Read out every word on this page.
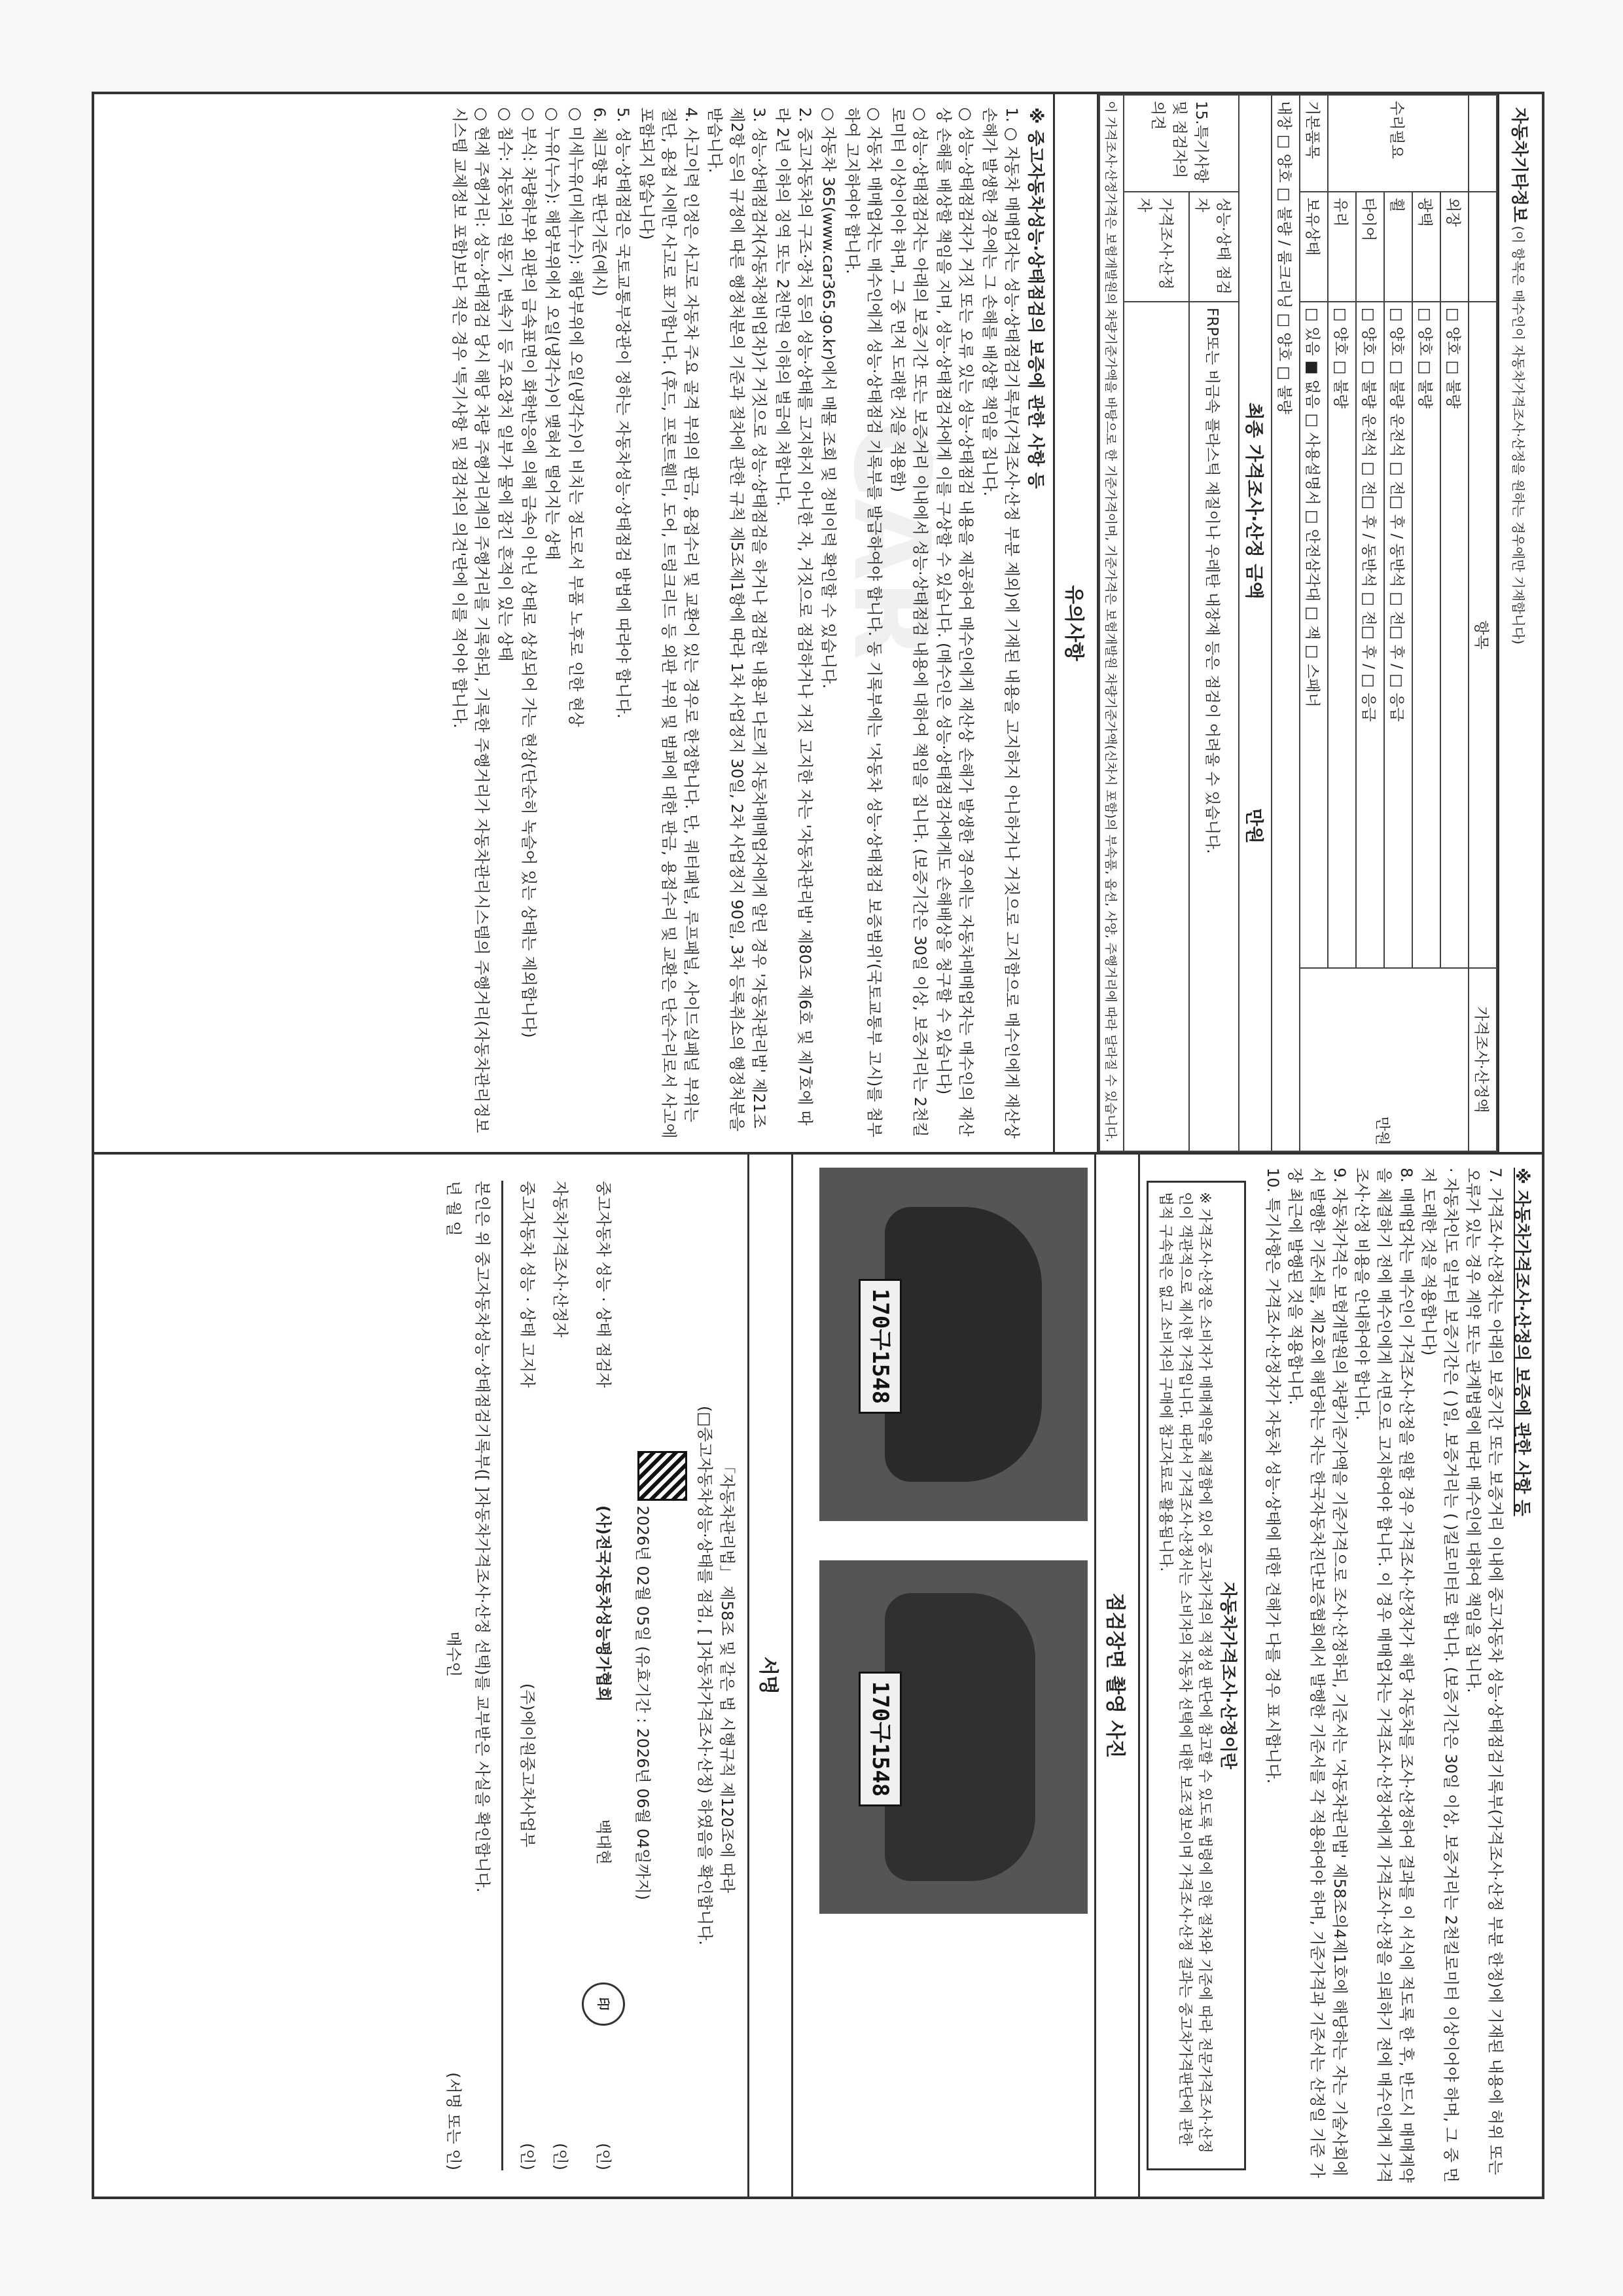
CAR
자동차기타정보 (이 항목은 매수인이 자동차가격조사·산정을 원하는 경우에만 기재합니다)
		항목	가격조사·산정액
수리필요	외장	□ 양호 □ 불량	만원
	광택	□ 양호 □ 불량	
	휠	□ 양호 □ 불량 운전석 □ 전□ 후 / 동반석 □ 전□ 후 / □ 응급	
	타이어	□ 양호 □ 불량 운전석 □ 전□ 후 / 동반석 □ 전□ 후 / □ 응급	
	유리	□ 양호 □ 불량	
기본품목	보유상태	□ 있음 ■ 없음 □ 사용설명서 □ 안전삼각대 □ 잭 □ 스패너	
내장 □ 양호 □ 불량 / 룸크리닝 □ 양호 □ 불량			
최종 가격조사·산정 금액  만원			
15.특기사항 및 점검자의 의견	성능·상태 점검자	FRP또는 비금속 플라스틱 재질이나 우레탄 내장재 등은 점검이 어려울 수 있습니다.	
	가격조사·산정자		
이 가격조사·산정가격은 보험개발원의 차량기준가액을 바탕으로 한 기준가격이며, 기준가격은 보험개발원 차량기준가액(신차시 포함)의 부속품, 옵션, 사양, 주행거리에 따라 달라질 수 있습니다.			
유의사항

※ 중고자동차성능·상태점검의 보증에 관한 사항 등

1. ○ 자동차 매매업자는 성능·상태점검기록부(가격조사·산정 부분 제외)에 기재된 내용을 고지하지 아니하거나 거짓으로 고지함으로 매수인에게 재산상 손해가 발생한 경우에는 그 손해를 배상할 책임을 집니다.

○ 성능·상태점검자가 거짓 또는 오류 있는 성능·상태점검 내용을 제공하여 매수인에게 재산상 손해가 발생한 경우에는 자동차매매업자는 매수인의 재산상 손해를 배상할 책임을 지며, 성능·상태점검자에게 이를 구상할 수 있습니다. (매수인은 성능·상태점검자에게도 손해배상을 청구할 수 있습니다)

○ 성능·상태점검자는 아래의 보증기간 또는 보증거리 이내에서 성능·상태점검 내용에 대하여 책임을 집니다. (보증기간은 30일 이상, 보증거리는 2천킬로미터 이상이어야 하며, 그 중 먼저 도래한 것을 적용함)

○ 자동차 매매업자는 매수인에게 성능·상태점검 기록부를 발급하여야 합니다. 동 기록부에는 '자동차 성능·상태점검 보증범위'(국토교통부 고시)를 첨부하여 고지하여야 합니다.

○ 자동차 365(www.car365.go.kr)에서 매물 조회 및 정비이력 확인할 수 있습니다.

2. 중고자동차의 구조·장치 등의 성능·상태를 고지하지 아니한 자, 거짓으로 점검하거나 거짓 고지한 자는 '자동차관리법' 제80조 제6호 및 제7호에 따라 2년 이하의 징역 또는 2천만원 이하의 벌금에 처합니다.

3. 성능·상태점검자(자동차정비업자)가 거짓으로 성능·상태점검을 하거나 점검한 내용과 다르게 자동차매매업자에게 알린 경우 '자동차관리법' 제21조제2항 등의 규정에 따른 행정처분의 기준과 절차에 관한 규칙 제5조제1항에 따라 1차 사업정지 30일, 2차 사업정지 90일, 3차 등록취소의 행정처분을 받습니다.

4. 사고이력 인정은 사고로 자동차 주요 골격 부위의 판금, 용접수리 및 교환이 있는 경우로 한정합니다. 단, 쿼터패널, 루프패널, 사이드실패널 부위는 절단, 용접 시에만 사고로 표기합니다. (후드, 프론트휀더, 도어, 트렁크리드 등 외판 부위 및 범퍼에 대한 판금, 용접수리 및 교환은 단순수리로서 사고에 포함되지 않습니다)

5. 성능·상태점검은 국토교통부장관이 정하는 자동차성능·상태점검 방법에 따라야 합니다.

6. 체크항목 판단기준(예시)

○ 미세누유(미세누수): 해당부위에 오일(냉각수)이 비치는 정도로서 부품 노후로 인한 현상

○ 누유(누수): 해당부위에서 오일(냉각수)이 맺혀서 떨어지는 상태

○ 부식: 차량하부와 외판의 금속표면이 화학반응에 의해 금속이 아닌 상태로 상실되어 가는 현상(단순히 녹슬어 있는 상태는 제외합니다)

○ 침수: 자동차의 원동기, 변속기 등 주요장치 일부가 물에 잠긴 흔적이 있는 상태

○ 현재 주행거리: 성능·상태점검 당시 해당 차량 주행거리계의 주행거리를 기록하되, 기록한 주행거리가 자동차관리시스템의 주행거리(자동차관리정보시스템 교체정보 포함)보다 적은 경우 '특기사항 및 점검자의 의견'란에 이를 적어야 합니다.

※ 자동차가격조사·산정의 보증에 관한 사항 등

7. 가격조사·산정자는 아래의 보증기간 또는 보증거리 이내에 중고자동차 성능·상태점검기록부(가격조사·산정 부분 한정)에 기재된 내용에 허위 또는 오류가 있는 경우 계약 또는 관계법령에 따라 매수인에 대하여 책임을 집니다.

· 자동차인도 일부터 보증기간은 ( )일, 보증거리는 ( )킬로미터로 합니다. (보증기간은 30일 이상, 보증거리는 2천킬로미터 이상이어야 하며, 그 중 먼저 도래한 것을 적용합니다)

8. 매매업자는 매수인이 가격조사·산정을 원할 경우 가격조사·산정자가 해당 자동차를 조사·산정하여 결과를 이 서식에 적도록 한 후, 반드시 매매계약을 체결하기 전에 매수인에게 서면으로 고지하여야 합니다. 이 경우 매매업자는 가격조사·산정자에게 가격조사·산정을 의뢰하기 전에 매수인에게 가격조사·산정 비용을 안내하여야 합니다.

9. 자동차가격은 보험개발원의 차량기준가액을 기준가격으로 조사·산정하되, 기준서는 '자동차관리법' 제58조의4제1호에 해당하는 자는 기술사회에서 발행한 기준서를, 제2호에 해당하는 자는 한국자동차진단보증협회에서 발행한 기준서를 각 적용하여야 하며, 기준가격과 기준서는 산정일 기준 가장 최근에 발행된 것을 적용합니다.

10. 특기사항은 가격조사·산정자가 자동차 성능·상태에 대한 견해가 다를 경우 표시합니다.

자동차가격조사·산정이란
※ 가격조사·산정은 소비자가 매매계약을 체결함에 있어 중고차가격의 적정성 판단에 참고할 수 있도록 법령에 의한 절차와 기준에 따라 전문가격조사·산정인이 객관적으로 제시한 가격입니다. 따라서 가격조사·산정서는 소비자의 자동차 선택에 대한 보조정보이며 가격조사·산정 결과는 중고차가격판단에 관한 법적 구속력은 없고 소비자의 구매에 참고자료로 활용됩니다.
점검장면 촬영 사진
170구1548
170구1548
서명
「자동차관리법」 제58조 및 같은 법 시행규칙 제120조에 따라
(□중고자동차성능·상태를 점검, [ ]자동차가격조사·산정) 하였음을 확인합니다.
2026년 02월 05일 (유효기간 : 2026년 06월 04일까지)
중고자동차 성능 · 상태 점검자
(사)전국자동차성능평가협회
백대현
印
(인)
자동차가격조사·산정자
(인)
중고자동차 성능 · 상태 고지자
(주)에이원중고차사업부
(인)
본인은 위 중고자동차성능·상태점검기록부([ ]자동차가격조사·산정 선택)를 교부받은 사실을 확인합니다.
년 월 일
매수인
(서명 또는 인)
